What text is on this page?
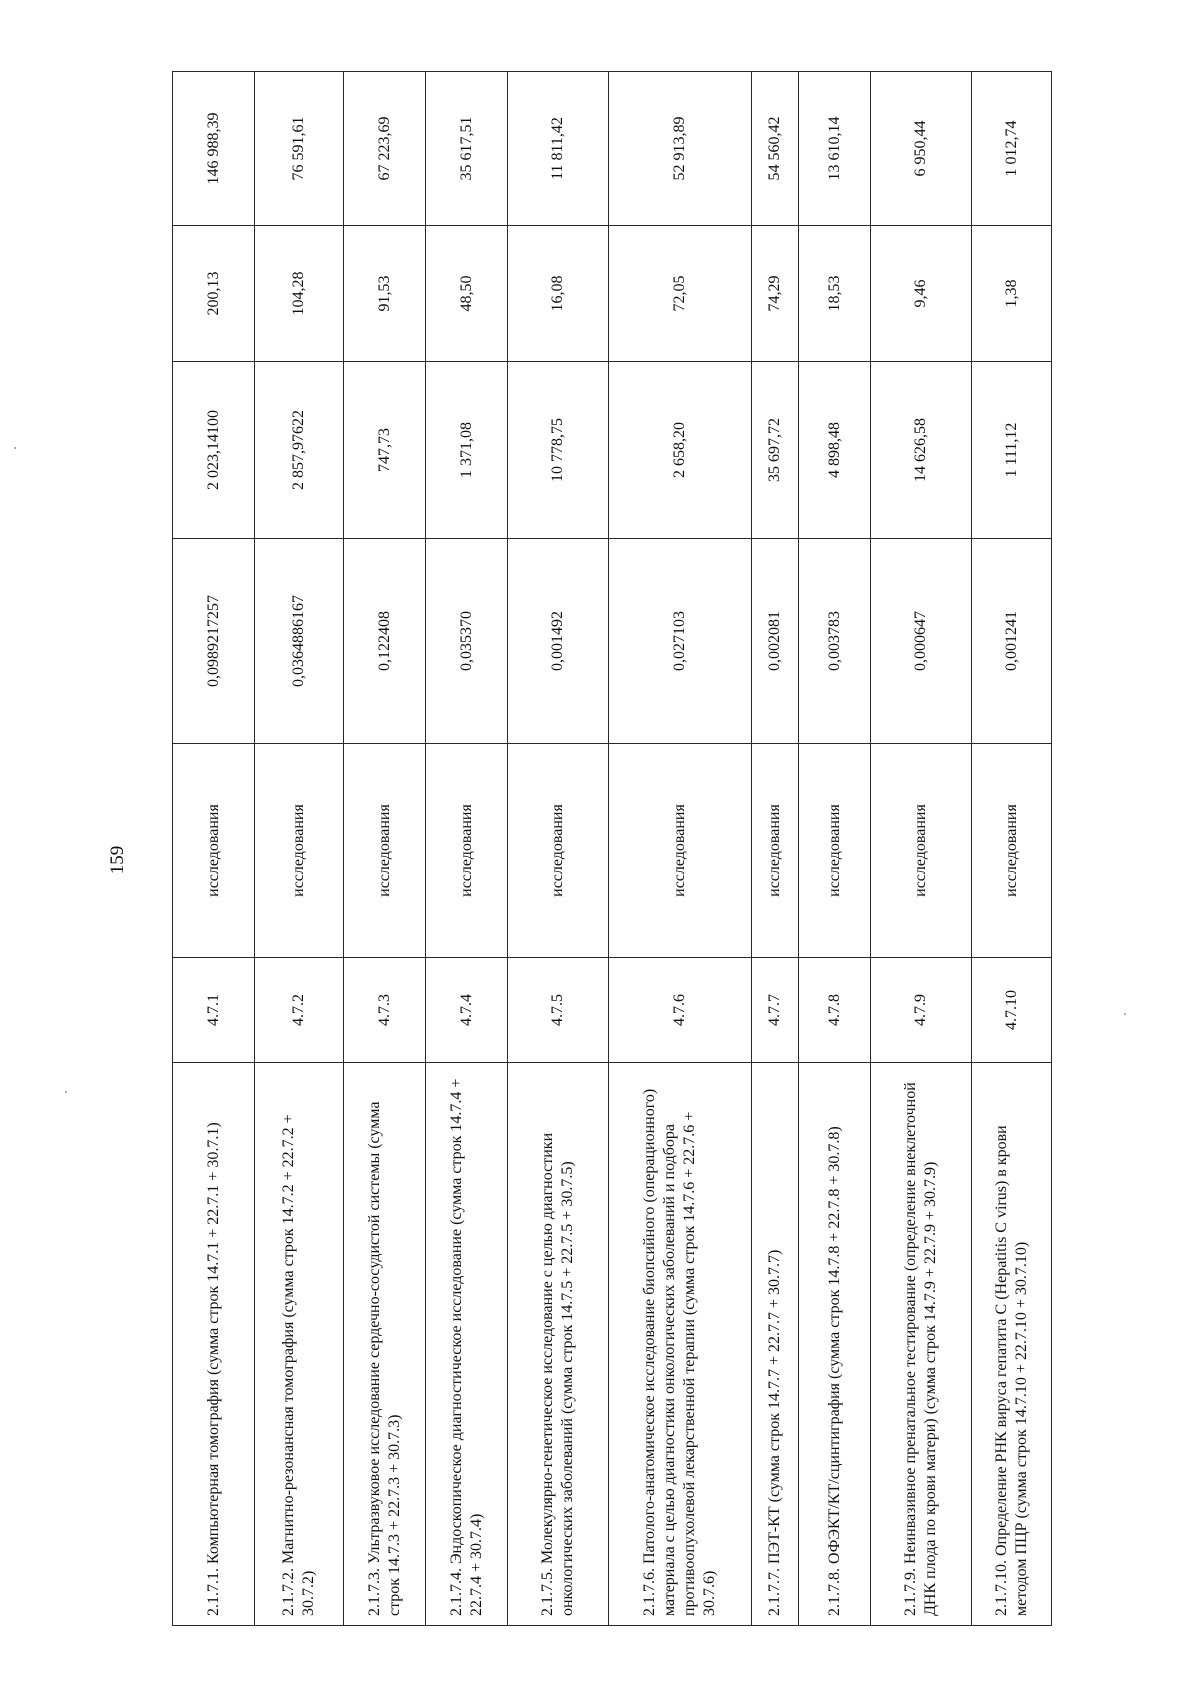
159
2.1.7.1. Компьютерная томография (сумма строк 14.7.1 + 22.7.1 + 30.7.1)	4.7.1	исследования	0,0989217257	2 023,14100	200,13	146 988,39
2.1.7.2. Магнитно-резонансная томография (сумма строк 14.7.2 + 22.7.2 + 30.7.2)	4.7.2	исследования	0,0364886167	2 857,97622	104,28	76 591,61
2.1.7.3. Ультразвуковое исследование сердечно-сосудистой системы (сумма строк 14.7.3 + 22.7.3 + 30.7.3)	4.7.3	исследования	0,122408	747,73	91,53	67 223,69
2.1.7.4. Эндоскопическое диагностическое исследование (сумма строк 14.7.4 + 22.7.4 + 30.7.4)	4.7.4	исследования	0,035370	1 371,08	48,50	35 617,51
2.1.7.5. Молекулярно-генетическое исследование с целью диагностики онкологических заболеваний (сумма строк 14.7.5 + 22.7.5 + 30.7.5)	4.7.5	исследования	0,001492	10 778,75	16,08	11 811,42
2.1.7.6. Патолого-анатомическое исследование биопсийного (операционного) материала с целью диагностики онкологических заболеваний и подбора противоопухолевой лекарственной терапии (сумма строк 14.7.6 + 22.7.6 + 30.7.6)	4.7.6	исследования	0,027103	2 658,20	72,05	52 913,89
2.1.7.7. ПЭТ-КТ (сумма строк 14.7.7 + 22.7.7 + 30.7.7)	4.7.7	исследования	0,002081	35 697,72	74,29	54 560,42
2.1.7.8. ОФЭКТ/КТ/сцинтиграфия (сумма строк 14.7.8 + 22.7.8 + 30.7.8)	4.7.8	исследования	0,003783	4 898,48	18,53	13 610,14
2.1.7.9. Неинвазивное пренатальное тестирование (определение внеклеточной ДНК плода по крови матери) (сумма строк 14.7.9 + 22.7.9 + 30.7.9)	4.7.9	исследования	0,000647	14 626,58	9,46	6 950,44
2.1.7.10. Определение РНК вируса гепатита C (Hepatitis C virus) в крови методом ПЦР (сумма строк 14.7.10 + 22.7.10 + 30.7.10)	4.7.10	исследования	0,001241	1 111,12	1,38	1 012,74
